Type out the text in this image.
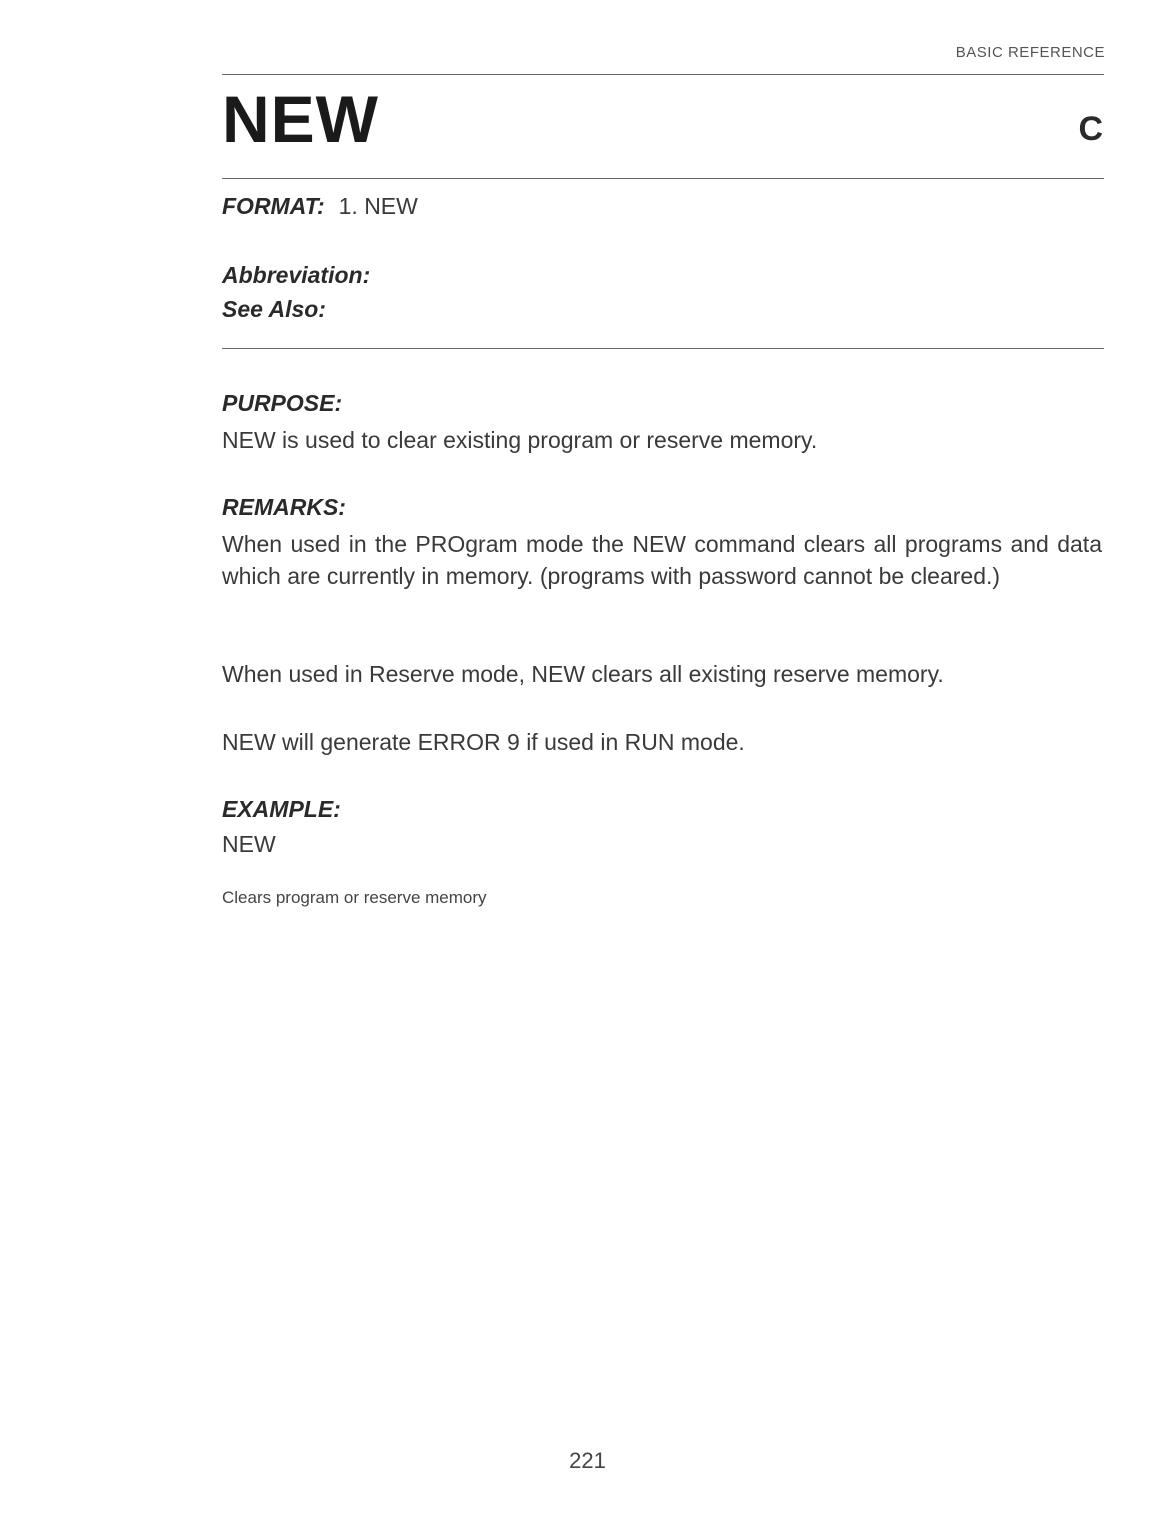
BASIC REFERENCE
NEW	C
FORMAT: 1. NEW
Abbreviation:
See Also:
PURPOSE:
NEW is used to clear existing program or reserve memory.
REMARKS:
When used in the PROgram mode the NEW command clears all programs and data which are currently in memory. (programs with password cannot be cleared.)
When used in Reserve mode, NEW clears all existing reserve memory.
NEW will generate ERROR 9 if used in RUN mode.
EXAMPLE:
NEW
Clears program or reserve memory
221
